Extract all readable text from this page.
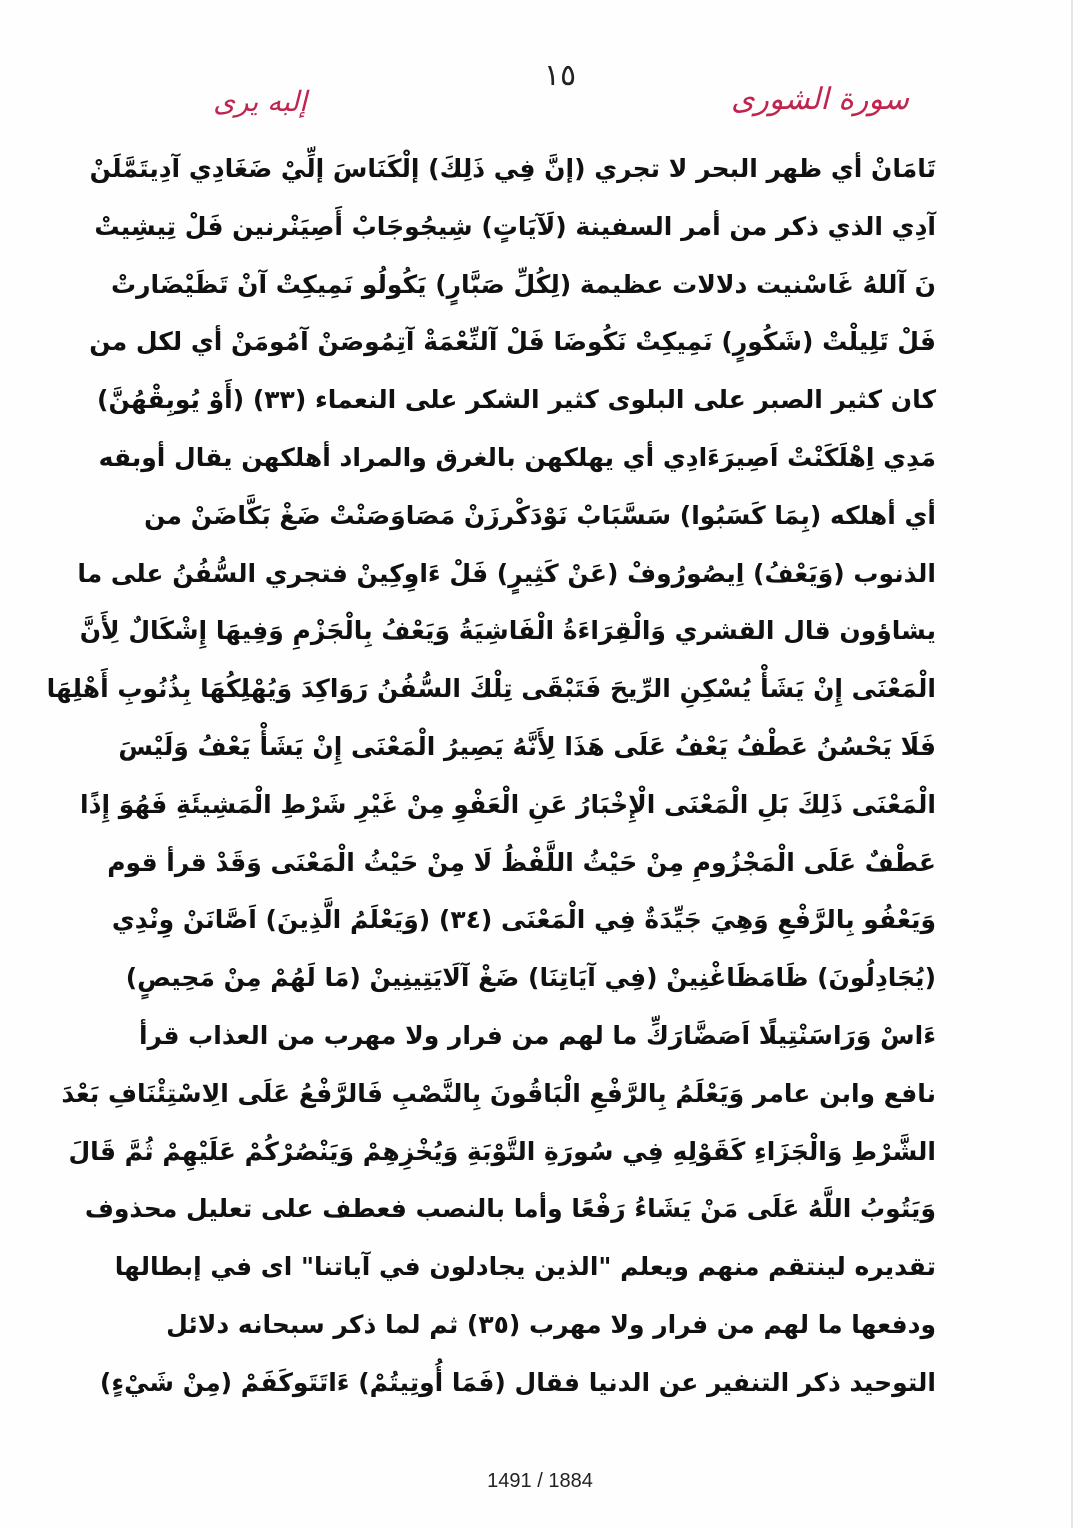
١٥
سورة الشورى
إلبه يرى
تَامَانْ أي ظهر البحر لا تجري (إنَّ فِي ذَلِكَ) إلْكَنَاسَ إلِّيْ ضَغَادِي آدِيتَمَّلَنْ
آدِي الذي ذكر من أمر السفينة (لَآيَاتٍ) شِيجُوجَابْ أَصِيَنْرنين فَلْ تِيشِيتْ
نَ آللهُ غَاسْنيت دلالات عظيمة (لِكُلِّ صَبَّارٍ) يَكُولُو نَمِيكِتْ آنْ تَظَيْضَارتْ
فَلْ تَلِيلْتْ (شَكُورٍ) نَمِيكِتْ نَكُوضَا فَلْ آلنِّعْمَةْ آتِمُوصَنْ آمُومَنْ أي لكل من
كان كثير الصبر على البلوى كثير الشكر على النعماء (٣٣) (أَوْ يُوبِقْهُنَّ)
مَدِي اِهْلَكَنْتْ اَصِيرَءَادِي أي يهلكهن بالغرق والمراد أهلكهن يقال أوبقه
أي أهلكه (بِمَا كَسَبُوا) سَسَّبَابْ نَوْدَكْرزَنْ مَصَاوَصَنْتْ ضَغْ بَكَّاضَنْ من
الذنوب (وَيَعْفُ) اِيصُورُوفْ (عَنْ كَثِيرٍ) فَلْ ءَاوِكِينْ فتجري السُّفُنُ على ما
يشاؤون قال القشري وَالْقِرَاءَةُ الْفَاشِيَةُ وَيَعْفُ بِالْجَزْمِ وَفِيهَا إِشْكَالٌ لِأَنَّ
الْمَعْنَى إِنْ يَشَأْ يُسْكِنِ الرِّيحَ فَتَبْقَى تِلْكَ السُّفُنُ رَوَاكِدَ وَيُهْلِكُهَا بِذُنُوبِ أَهْلِهَا
فَلَا يَحْسُنُ عَطْفُ يَعْفُ عَلَى هَذَا لِأَنَّهُ يَصِيرُ الْمَعْنَى إِنْ يَشَأْ يَعْفُ وَلَيْسَ
الْمَعْنَى ذَلِكَ بَلِ الْمَعْنَى الْإِخْبَارُ عَنِ الْعَفْوِ مِنْ غَيْرِ شَرْطِ الْمَشِيئَةِ فَهُوَ إِذًا
عَطْفٌ عَلَى الْمَجْزُومِ مِنْ حَيْثُ اللَّفْظُ لَا مِنْ حَيْثُ الْمَعْنَى وَقَدْ قرأ قوم
وَيَعْفُو بِالرَّفْعِ وَهِيَ جَيِّدَةٌ فِي الْمَعْنَى (٣٤) (وَيَعْلَمُ الَّذِينَ) اَصَّانَنْ وِنْدِي
(يُجَادِلُونَ) ظَامَظَاغْنِينْ (فِي آيَاتِنَا) ضَغْ آلَايَتِينِينْ (مَا لَهُمْ مِنْ مَحِيصٍ)
ءَاسْ وَرَاسَنْتِيلًا اَصَضَّارَكِّ ما لهم من فرار ولا مهرب من العذاب قرأ
نافع وابن عامر وَيَعْلَمُ بِالرَّفْعِ الْبَاقُونَ بِالنَّصْبِ فَالرَّفْعُ عَلَى الِاسْتِئْنَافِ بَعْدَ
الشَّرْطِ وَالْجَزَاءِ كَقَوْلِهِ فِي سُورَةِ التَّوْبَةِ وَيُخْزِهِمْ وَيَنْصُرْكُمْ عَلَيْهِمْ ثُمَّ قَالَ
وَيَتُوبُ اللَّهُ عَلَى مَنْ يَشَاءُ رَفْعًا وأما بالنصب فعطف على تعليل محذوف
تقديره لينتقم منهم ويعلم "الذين يجادلون في آياتنا" اى في إبطالها
ودفعها ما لهم من فرار ولا مهرب (٣٥) ثم لما ذكر سبحانه دلائل
التوحيد ذكر التنفير عن الدنيا فقال (فَمَا أُوتِيتُمْ) ءَاتَتَوكَفَمْ (مِنْ شَيْءٍ)
1491 / 1884
